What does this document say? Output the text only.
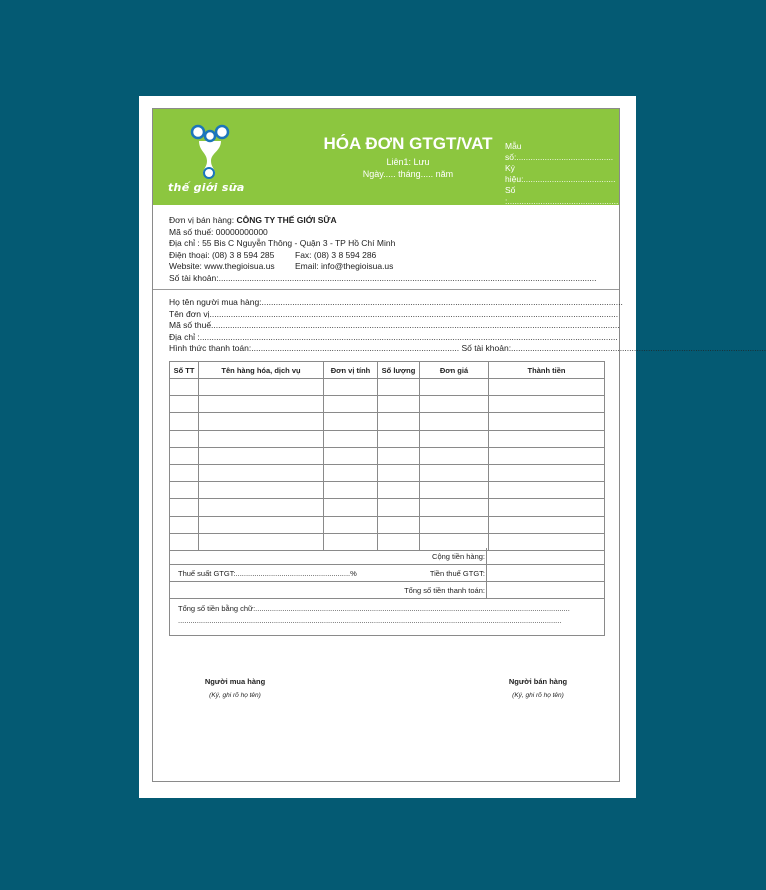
thế giới sữa
HÓA ĐƠN GTGT/VAT
Liên1: Lưu
Ngày..... tháng..... năm
Mẫu số:.........................................
Ký hiệu:.......................................
Số :...............................................
Đơn vị bán hàng: CÔNG TY THẾ GIỚI SỮA
Mã số thuế: 00000000000
Địa chỉ : 55 Bis C Nguyễn Thông - Quận 3 - TP Hồ Chí Minh
Điện thoại: (08) 3 8 594 285 Fax: (08) 3 8 594 286
Website: www.thegioisua.us Email: info@thegioisua.us
Số tài khoản:................................................................................................................................................................
Họ tên người mua hàng:.........................................................................................................................................................
Tên đơn vị.............................................................................................................................................................................
Mã số thuế.............................................................................................................................................................................
Địa chỉ :.................................................................................................................................................................................
Hình thức thanh toán:........................................................................................ Số tài khoản:............................................................................................................
Số TT	Tên hàng hóa, dịch vụ	Đơn vị tính	Số lượng	Đơn giá	Thành tiền

Cộng tiền hàng:
Thuế suất GTGT:.......................................................%	Tiền thuế GTGT:
Tổng số tiền thanh toán:
Tổng số tiền bằng chữ:.......................................................................................................................................................
........................................................................................................................................................................................
Người mua hàng
(Ký, ghi rõ họ tên)
Người bán hàng
(Ký, ghi rõ họ tên)
